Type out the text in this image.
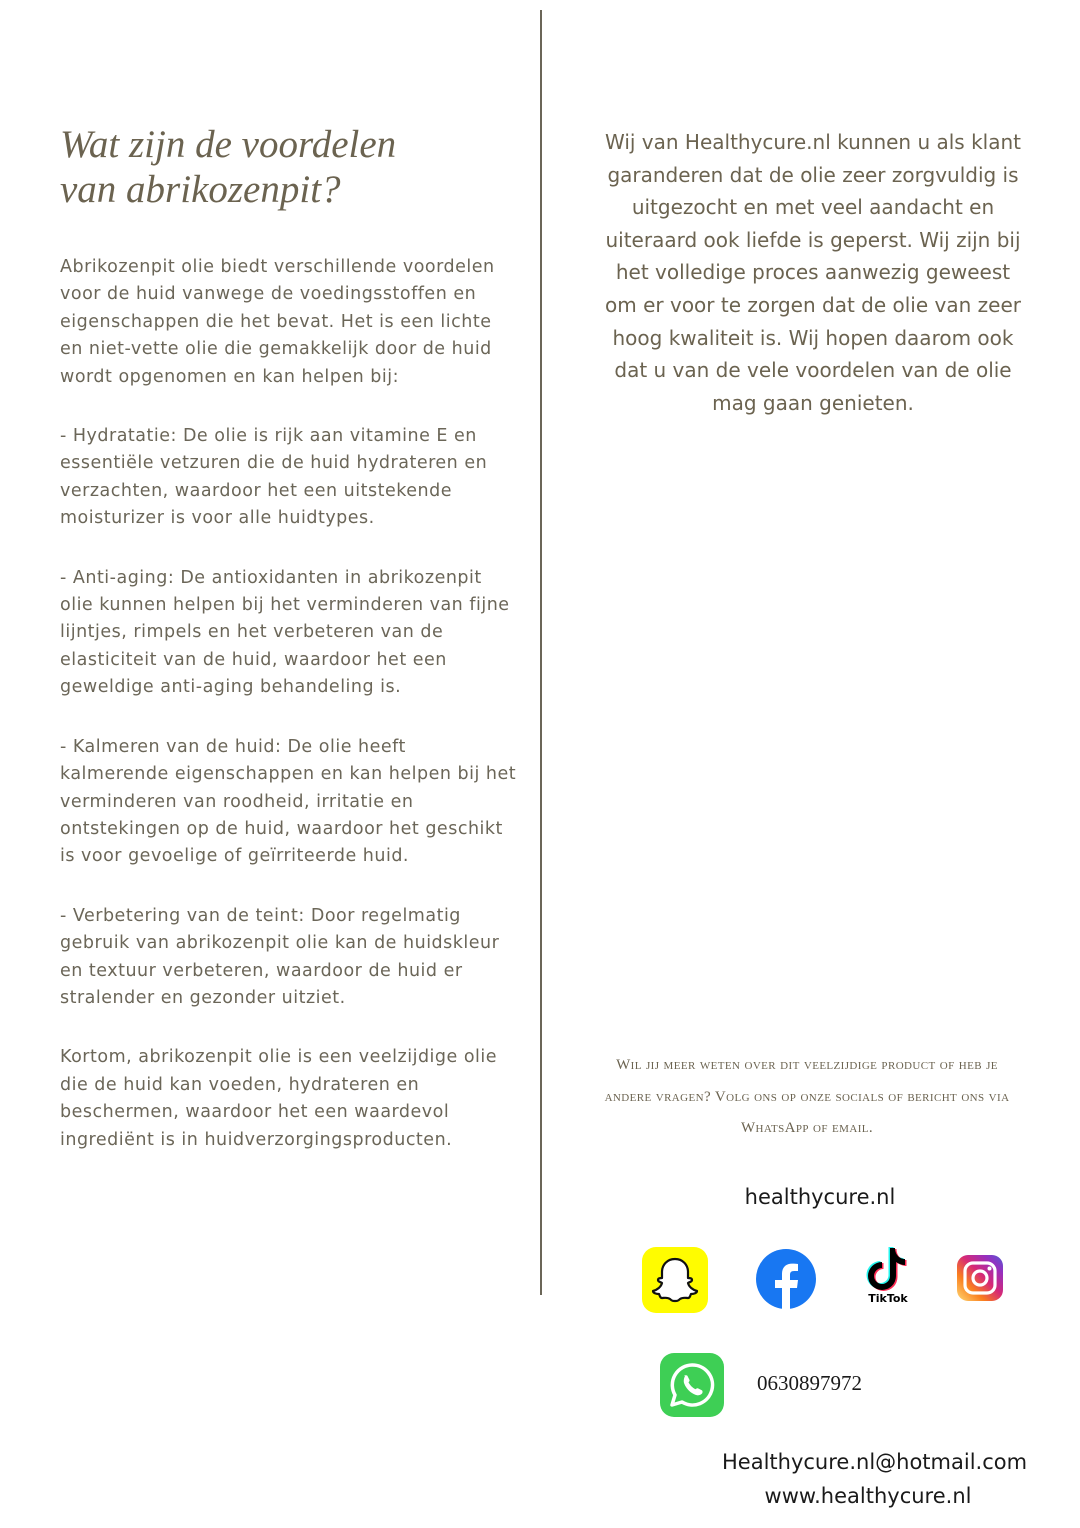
Wat zijn de voordelen
van abrikozenpit?

Abrikozenpit olie biedt verschillende voordelen voor de huid vanwege de voedingsstoffen en eigenschappen die het bevat. Het is een lichte en niet-vette olie die gemakkelijk door de huid wordt opgenomen en kan helpen bij:

- Hydratatie: De olie is rijk aan vitamine E en essentiële vetzuren die de huid hydrateren en verzachten, waardoor het een uitstekende moisturizer is voor alle huidtypes.

- Anti-aging: De antioxidanten in abrikozenpit olie kunnen helpen bij het verminderen van fijne lijntjes, rimpels en het verbeteren van de elasticiteit van de huid, waardoor het een geweldige anti-aging behandeling is.

- Kalmeren van de huid: De olie heeft kalmerende eigenschappen en kan helpen bij het verminderen van roodheid, irritatie en ontstekingen op de huid, waardoor het geschikt is voor gevoelige of geïrriteerde huid.

- Verbetering van de teint: Door regelmatig gebruik van abrikozenpit olie kan de huidskleur en textuur verbeteren, waardoor de huid er stralender en gezonder uitziet.

Kortom, abrikozenpit olie is een veelzijdige olie die de huid kan voeden, hydrateren en beschermen, waardoor het een waardevol ingrediënt is in huidverzorgingsproducten.

Wij van Healthycure.nl kunnen u als klant garanderen dat de olie zeer zorgvuldig is uitgezocht en met veel aandacht en uiteraard ook liefde is geperst. Wij zijn bij het volledige proces aanwezig geweest om er voor te zorgen dat de olie van zeer hoog kwaliteit is. Wij hopen daarom ook dat u van de vele voordelen van de olie mag gaan genieten.
Wil jij meer weten over dit veelzijdige product of heb je andere vragen? Volg ons op onze socials of bericht ons via WhatsApp of email.
healthycure.nl
TikTok
0630897972
Healthycure.nl@hotmail.com
www.healthycure.nl
